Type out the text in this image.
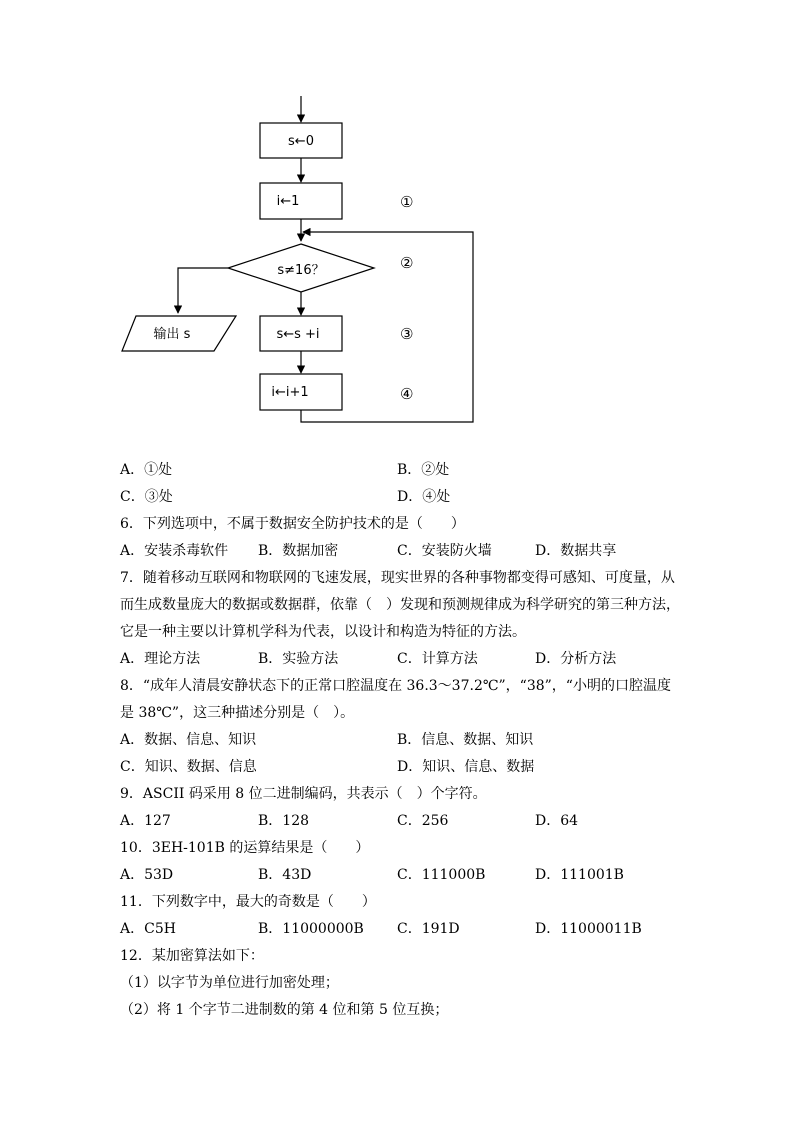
s←0
i←1
s≠16？
输出 s	s←s +i
i←i+1
①
②
③
④
A．①处	B．②处
C．③处	D．④处
6．下列选项中，不属于数据安全防护技术的是（　　）
A．安装杀毒软件 B．数据加密	C．安装防火墙	D．数据共享
7．随着移动互联网和物联网的飞速发展，现实世界的各种事物都变得可感知、可度量，从而生成数量庞大的数据或数据群，依靠（　）发现和预测规律成为科学研究的第三种方法，它是一种主要以计算机学科为代表，以设计和构造为特征的方法。
A．理论方法	B．实验方法	C．计算方法	D．分析方法
8．“成年人清晨安静状态下的正常口腔温度在 36.3～37.2℃”，“38”，“小明的口腔温度是 38℃”，这三种描述分别是（　）。
A．数据、信息、知识	B．信息、数据、知识
C．知识、数据、信息	D．知识、信息、数据
9．ASCII 码采用 8 位二进制编码，共表示（　）个字符。
A．127	B．128	C．256	D．64
10．3EH-101B 的运算结果是（　　）
A．53D	B．43D	C．111000B	D．111001B
11．下列数字中，最大的奇数是（　　）
A．C5H	B．11000000B C．191D	D．11000011B
12．某加密算法如下：
（1）以字节为单位进行加密处理；
（2）将 1 个字节二进制数的第 4 位和第 5 位互换；
